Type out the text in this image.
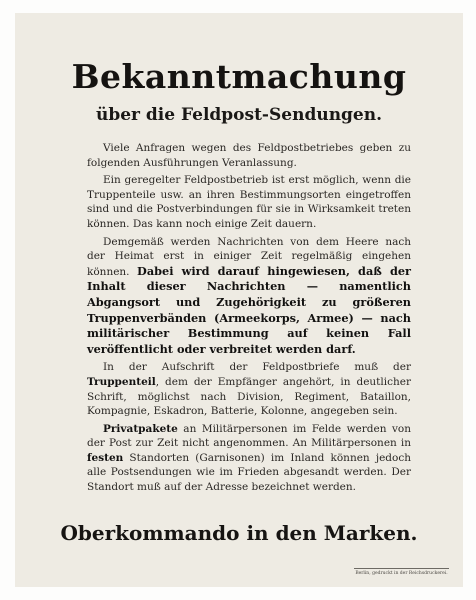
Bekanntmachung
über die Feldpost-Sendungen.

Viele Anfragen wegen des Feldpostbetriebes geben zu folgenden Ausführungen Veranlassung.

Ein geregelter Feldpostbetrieb ist erst möglich, wenn die Truppenteile usw. an ihren Bestimmungsorten eingetroffen sind und die Postverbindungen für sie in Wirksamkeit treten können. Das kann noch einige Zeit dauern.

Demgemäß werden Nachrichten von dem Heere nach der Heimat erst in einiger Zeit regelmäßig eingehen können. Dabei wird darauf hingewiesen, daß der Inhalt dieser Nachrichten — namentlich Abgangsort und Zugehörigkeit zu größeren Truppenverbänden (Armeekorps, Armee) — nach militärischer Bestimmung auf keinen Fall veröffentlicht oder verbreitet werden darf.

In der Aufschrift der Feldpostbriefe muß der Truppenteil, dem der Empfänger angehört, in deutlicher Schrift, möglichst nach Division, Regiment, Bataillon, Kompagnie, Eskadron, Batterie, Kolonne, angegeben sein.

Privatpakete an Militärpersonen im Felde werden von der Post zur Zeit nicht angenommen. An Militärpersonen in festen Standorten (Garnisonen) im Inland können jedoch alle Postsendungen wie im Frieden abgesandt werden. Der Standort muß auf der Adresse bezeichnet werden.

Oberkommando in den Marken.
Berlin, gedruckt in der Reichsdruckerei.
